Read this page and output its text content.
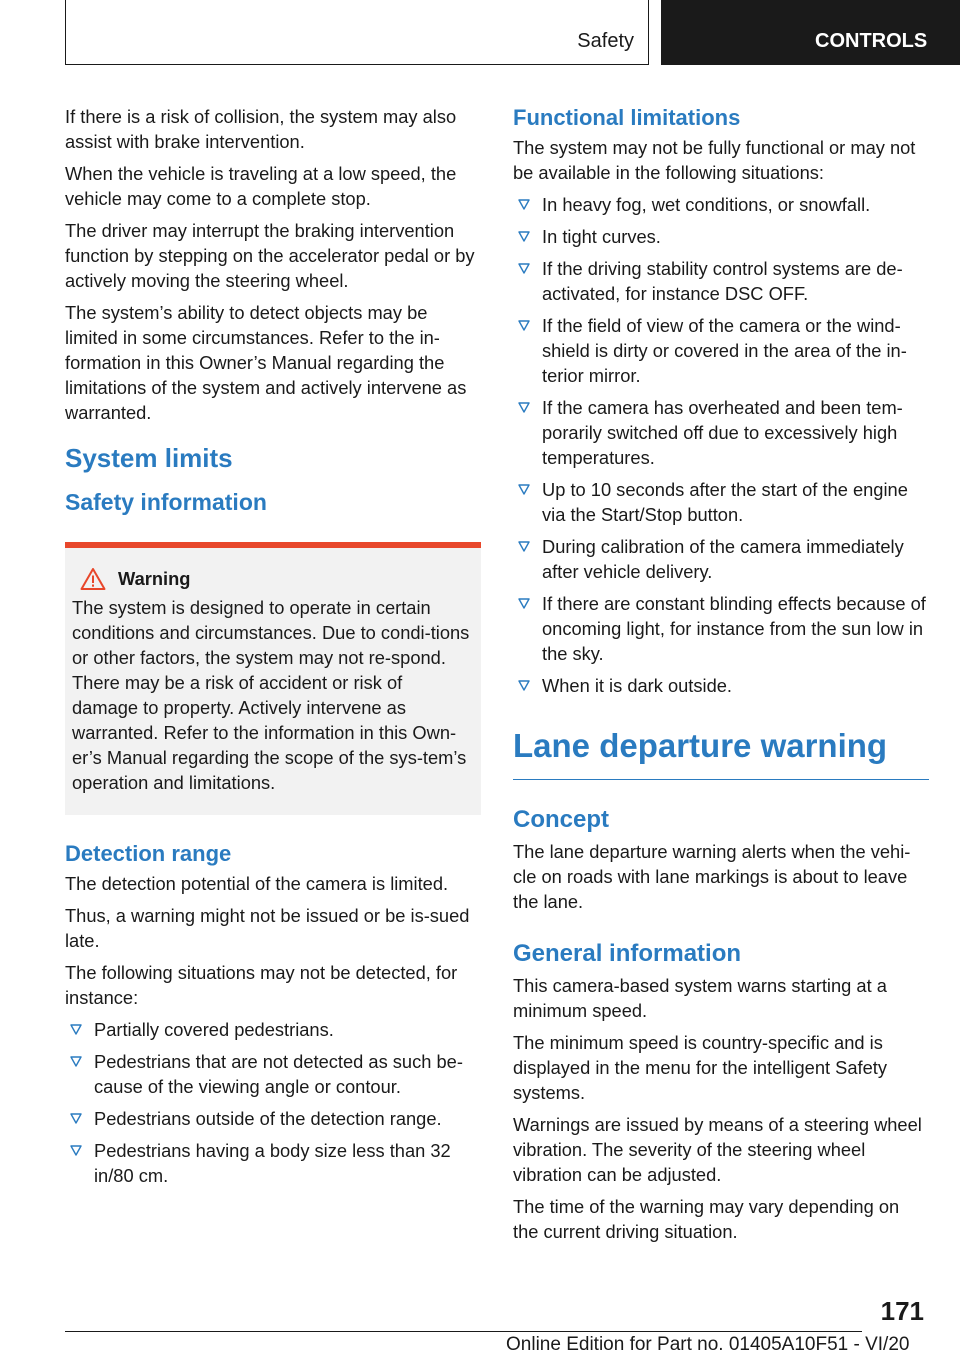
Safety	CONTROLS

If there is a risk of collision, the system may also assist with brake intervention.

When the vehicle is traveling at a low speed, the vehicle may come to a complete stop.

The driver may interrupt the braking intervention function by stepping on the accelerator pedal or by actively moving the steering wheel.

The system’s ability to detect objects may be limited in some circumstances. Refer to the in‐formation in this Owner’s Manual regarding the limitations of the system and actively intervene as warranted.

System limits
Safety information
Warning

The system is designed to operate in certain conditions and circumstances. Due to condi‐tions or other factors, the system may not re‐spond. There may be a risk of accident or risk of damage to property. Actively intervene as warranted. Refer to the information in this Own‐er’s Manual regarding the scope of the sys‐tem’s operation and limitations.

Detection range

The detection potential of the camera is limited.

Thus, a warning might not be issued or be is‐sued late.

The following situations may not be detected, for instance:

Partially covered pedestrians.
Pedestrians that are not detected as such be‐cause of the viewing angle or contour.
Pedestrians outside of the detection range.
Pedestrians having a body size less than 32 in/80 cm.
Functional limitations

The system may not be fully functional or may not be available in the following situations:

In heavy fog, wet conditions, or snowfall.
In tight curves.
If the driving stability control systems are de‐activated, for instance DSC OFF.
If the field of view of the camera or the wind‐shield is dirty or covered in the area of the in‐terior mirror.
If the camera has overheated and been tem‐porarily switched off due to excessively high temperatures.
Up to 10 seconds after the start of the engine via the Start/Stop button.
During calibration of the camera immediately after vehicle delivery.
If there are constant blinding effects because of oncoming light, for instance from the sun low in the sky.
When it is dark outside.
Lane departure warning
Concept

The lane departure warning alerts when the vehi‐cle on roads with lane markings is about to leave the lane.

General information

This camera-based system warns starting at a minimum speed.

The minimum speed is country-specific and is displayed in the menu for the intelligent Safety systems.

Warnings are issued by means of a steering wheel vibration. The severity of the steering wheel vibration can be adjusted.

The time of the warning may vary depending on the current driving situation.

171
Online Edition for Part no. 01405A10F51 - VI/20
